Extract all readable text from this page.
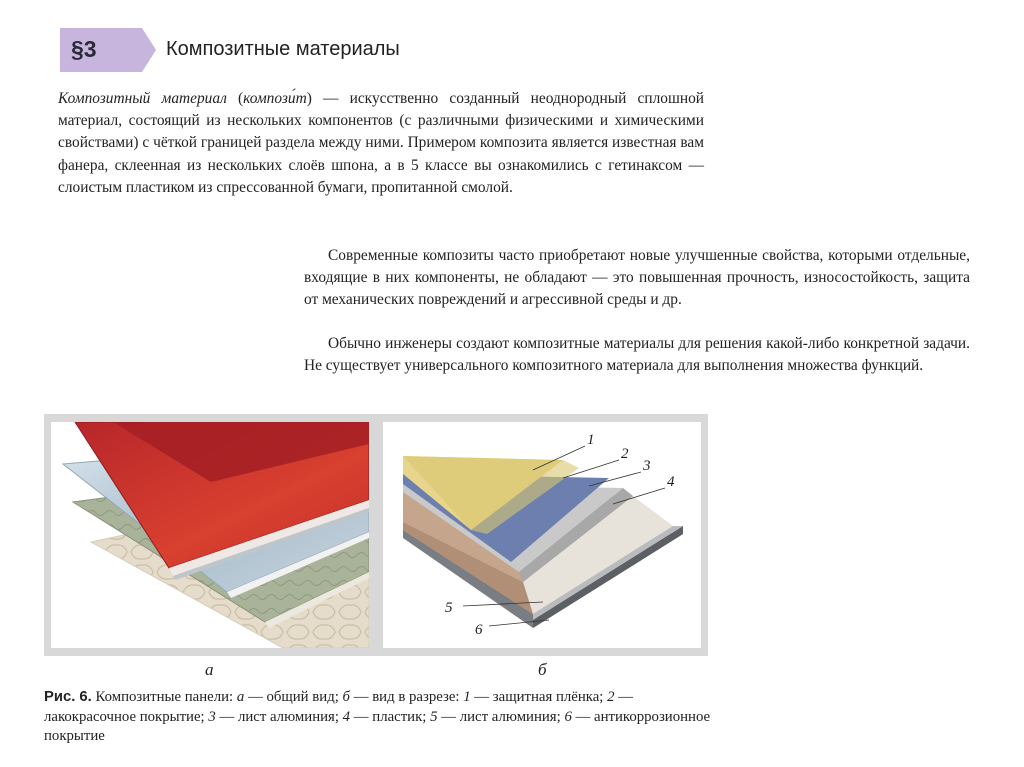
§3	Композитные материалы

Композитный материал (компози́т) — искусственно созданный неоднородный сплошной материал, состоящий из нескольких компонентов (с различными физическими и химическими свойствами) с чёткой границей раздела между ними. Примером композита является известная вам фанера, склеенная из нескольких слоёв шпона, а в 5 классе вы ознакомились с гетинаксом — слоистым пластиком из спрессованной бумаги, пропитанной смолой.

Современные композиты часто приобретают новые улучшенные свойства, которыми отдельные, входящие в них компоненты, не обладают — это повышенная прочность, износостойкость, защита от механических повреждений и агрессивной среды и др.

Обычно инженеры создают композитные материалы для решения какой-либо конкретной задачи. Не существует универсального композитного материала для выполнения множества функций.

1
2
3
4
5
6
а	б

Рис. 6. Композитные панели: а — общий вид; б — вид в разрезе: 1 — защитная плёнка; 2 — лакокрасочное покрытие; 3 — лист алюминия; 4 — пластик; 5 — лист алюминия; 6 — антикоррозионное покрытие
